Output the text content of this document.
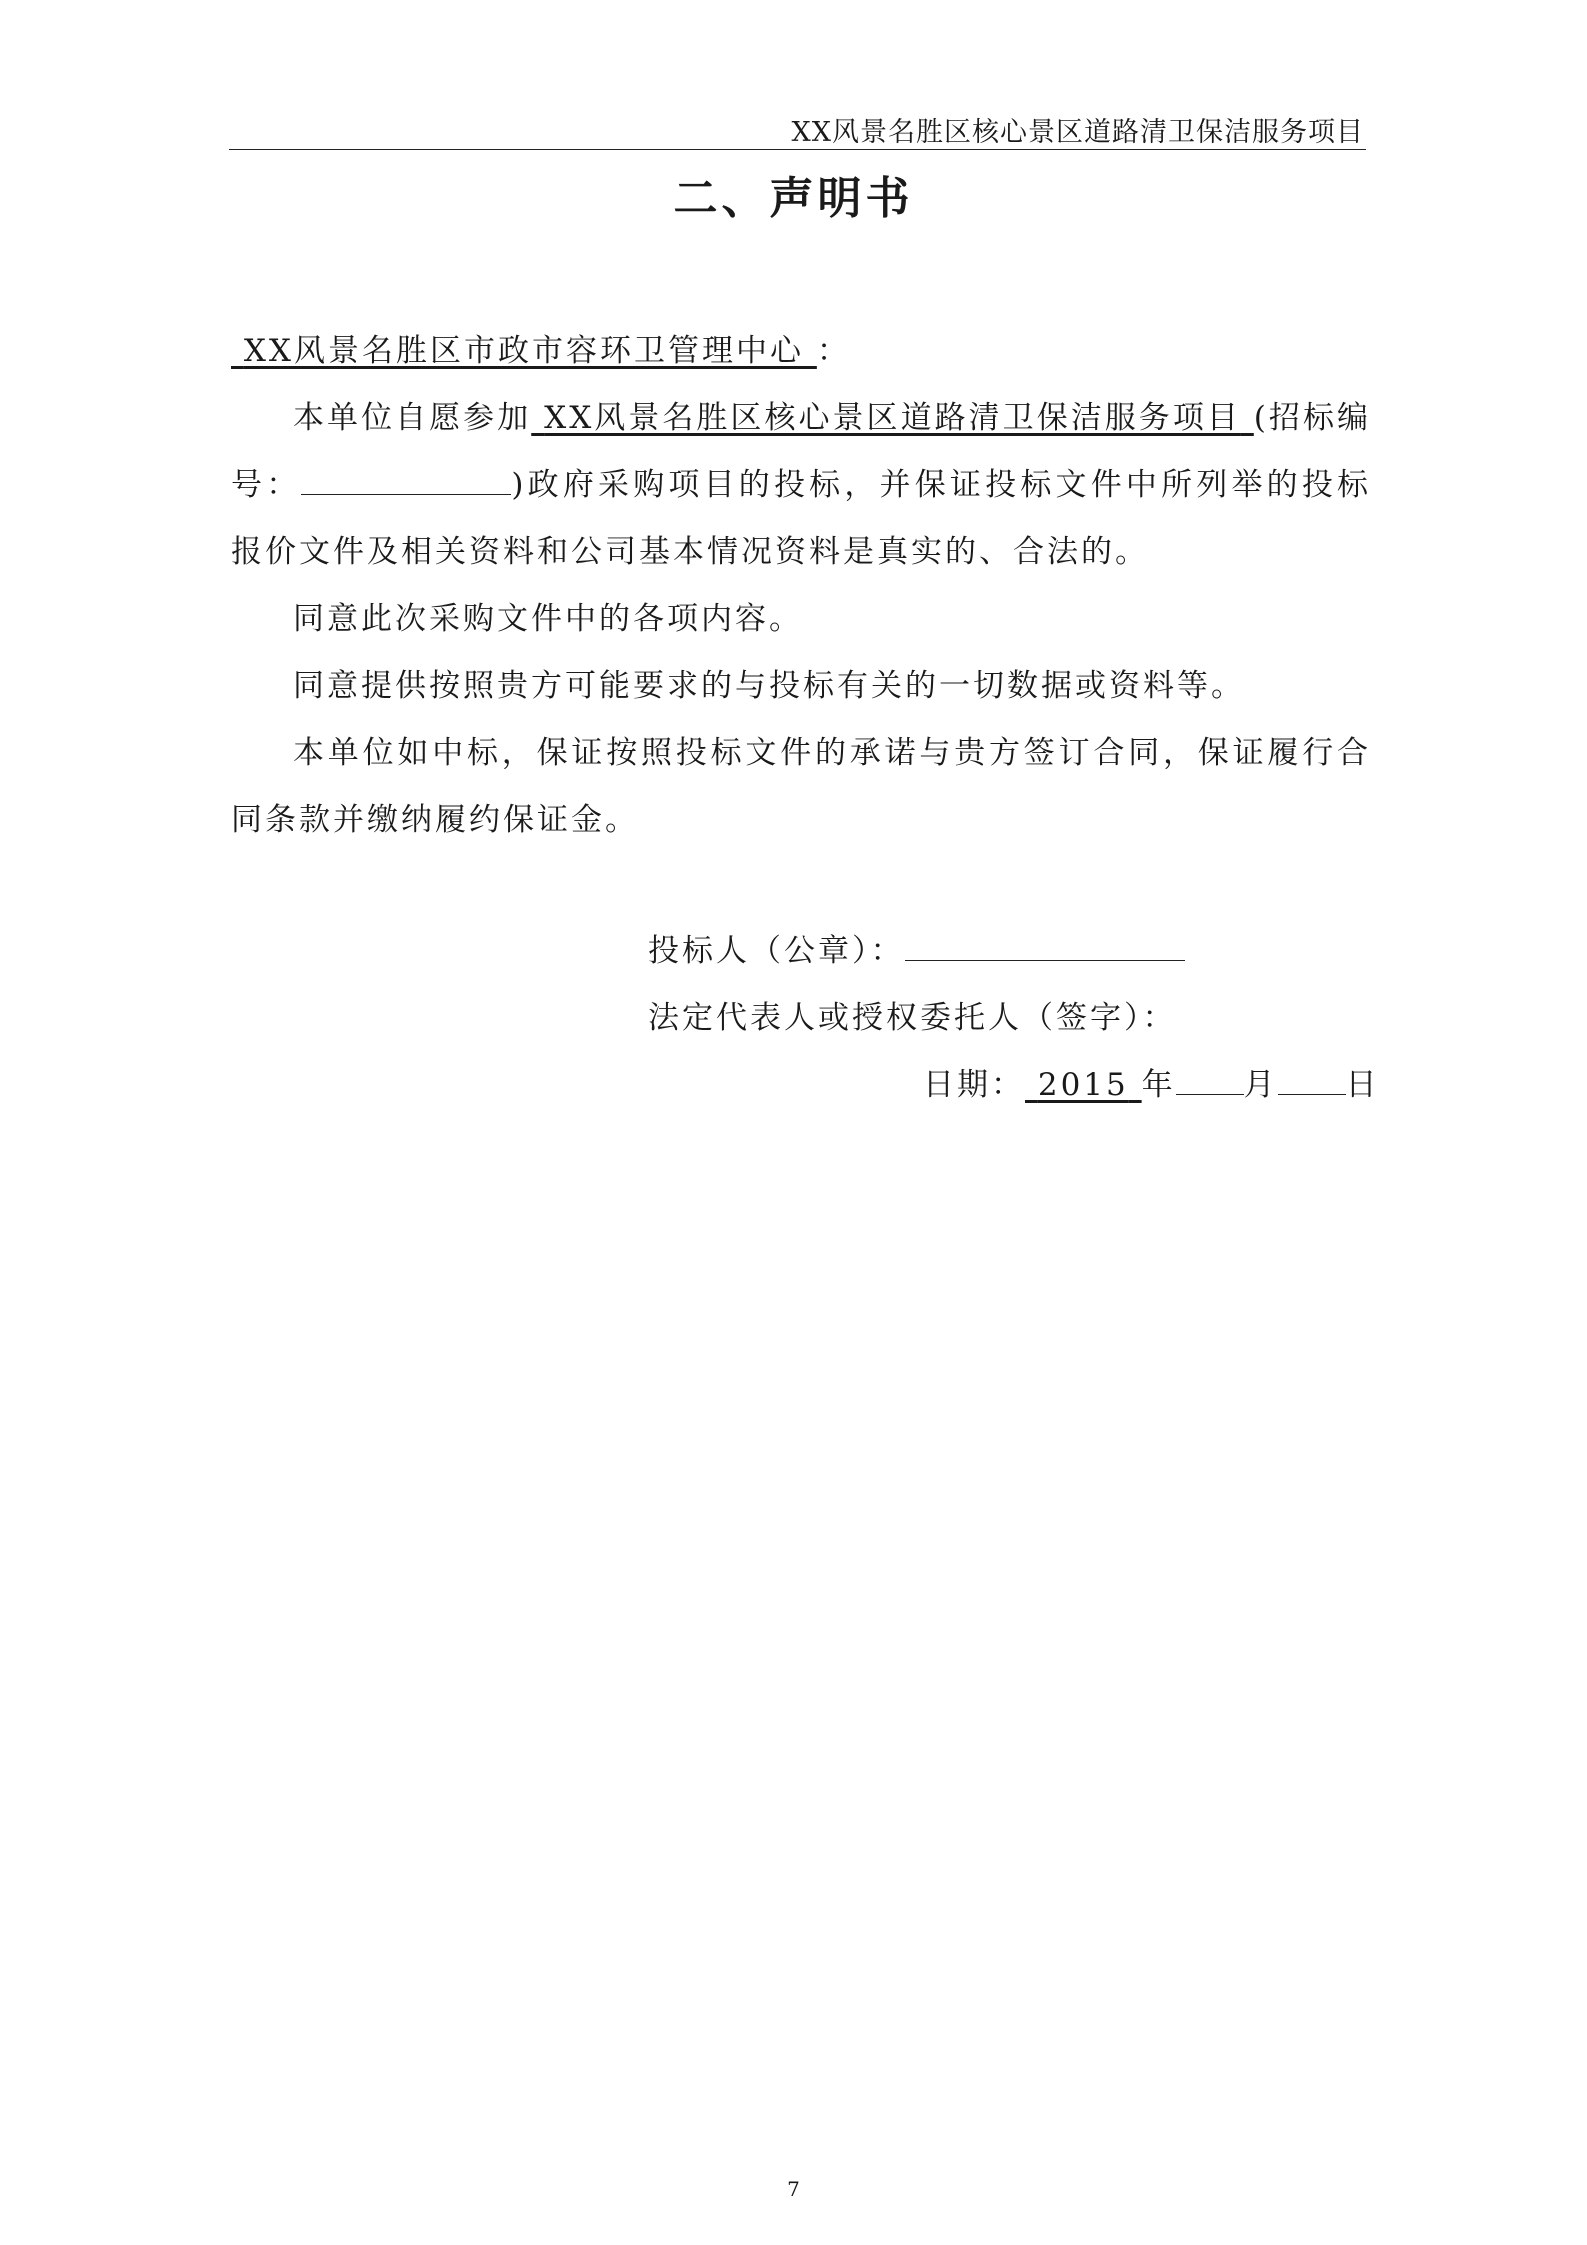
XX风景名胜区核心景区道路清卫保洁服务项目
二、声明书

XX风景名胜区市政市容环卫管理中心 ：

本单位自愿参加 XX风景名胜区核心景区道路清卫保洁服务项目 (招标编号：	)政府采购项目的投标，并保证投标文件中所列举的投标报价文件及相关资料和公司基本情况资料是真实的、合法的。

同意此次采购文件中的各项内容。

同意提供按照贵方可能要求的与投标有关的一切数据或资料等。

本单位如中标，保证按照投标文件的承诺与贵方签订合同，保证履行合同条款并缴纳履约保证金。

投标人（公章）：
法定代表人或授权委托人（签字）：
日期： 2015 年 月 日
7
